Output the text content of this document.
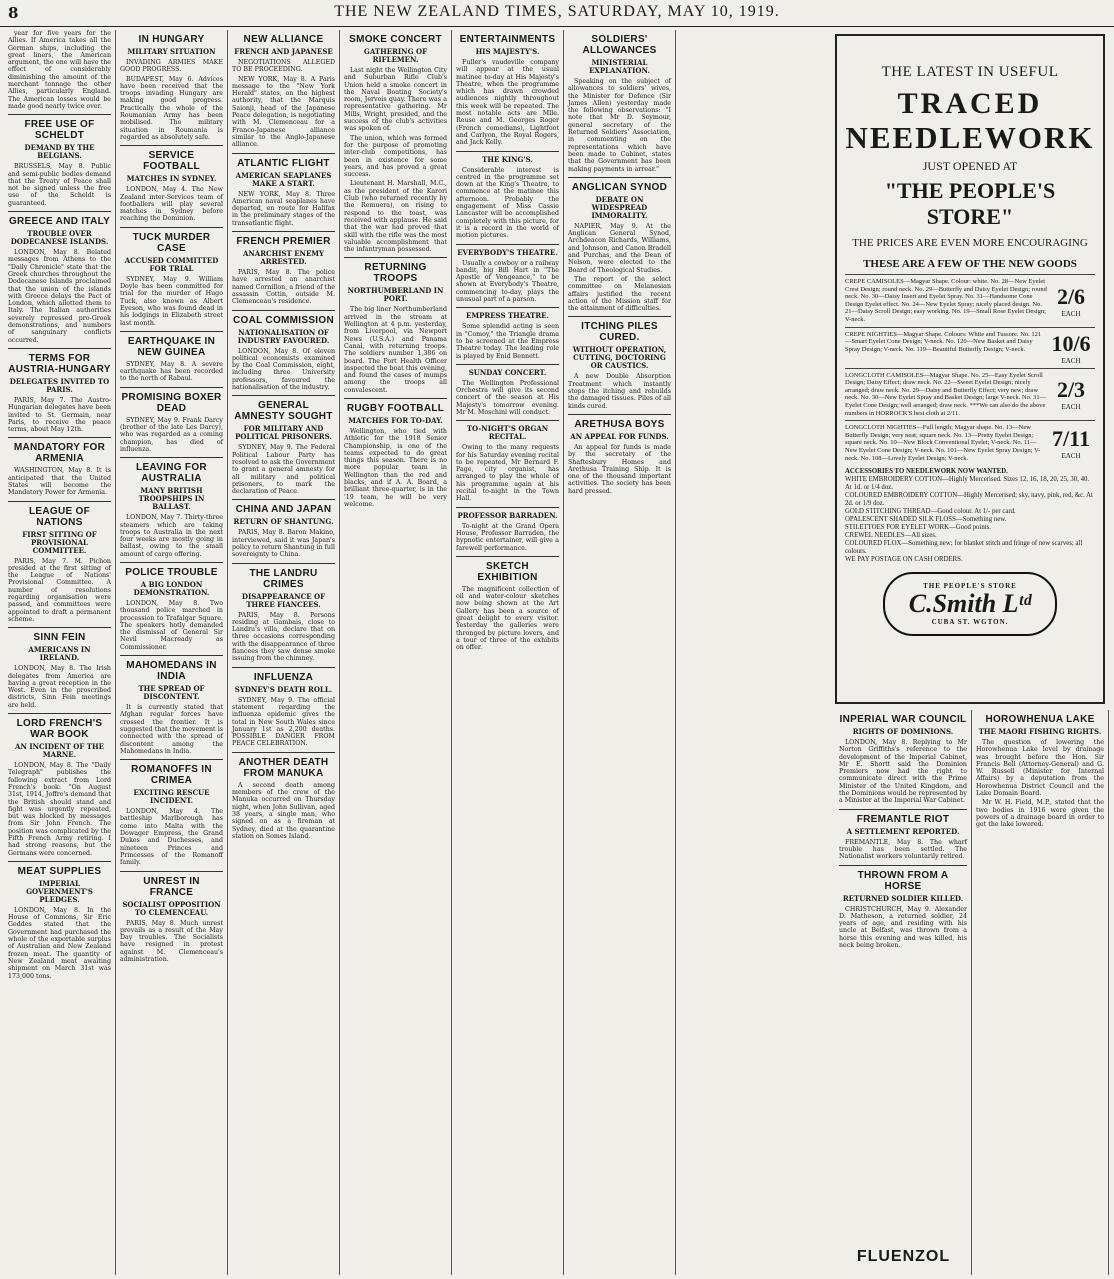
8	THE NEW ZEALAND TIMES, SATURDAY, MAY 10, 1919.

year for five years for the Allies. If America takes all the German ships, including the great liners, the American argument, the one will have the effect of considerably diminishing the amount of the merchant tonnage the other Allies, particularly England. The American losses would be made good nearly twice over.

FREE USE OF SCHELDT
DEMAND BY THE BELGIANS.

BRUSSELS, May 8. Public and semi-public bodies demand that the Treaty of Peace shall not be signed unless the free use of the Scheldt is guaranteed.

GREECE AND ITALY
TROUBLE OVER DODECANESE ISLANDS.

LONDON, May 8. Belated messages from Athens to the "Daily Chronicle" state that the Greek churches throughout the Dodecanese Islands proclaimed that the union of the islands with Greece delays the Pact of London, which allotted them to Italy. The Italian authorities severely repressed pro-Greek demonstrations, and numbers of sanguinary conflicts occurred.

TERMS FOR AUSTRIA-HUNGARY
DELEGATES INVITED TO PARIS.

PARIS, May 7. The Austro-Hungarian delegates have been invited to St. Germain, near Paris, to receive the peace terms, about May 12th.

MANDATORY FOR ARMENIA

WASHINGTON, May 8. It is anticipated that the United States will become the Mandatory Power for Armenia.

LEAGUE OF NATIONS
FIRST SITTING OF PROVISIONAL COMMITTEE.

PARIS, May 7. M. Pichon presided at the first sitting of the League of Nations' Provisional Committee. A number of resolutions regarding organisation were passed, and committees were appointed to draft a permanent scheme.

SINN FEIN
AMERICANS IN IRELAND.

LONDON, May 8. The Irish delegates from America are having a great reception in the West. Even in the proscribed districts, Sinn Fein meetings are held.

LORD FRENCH'S WAR BOOK
AN INCIDENT OF THE MARNE.

LONDON, May 8. The "Daily Telegraph" publishes the following extract from Lord French's book: "On August 31st, 1914, Joffre's demand that the British should stand and fight was urgently repeated, but was blocked by messages from Sir John French. The position was complicated by the Fifth French Army retiring. I had strong reasons, but the Germans were concerned.

MEAT SUPPLIES
IMPERIAL GOVERNMENT'S PLEDGES.

LONDON, May 8. In the House of Commons, Sir Eric Geddes stated that the Government had purchased the whole of the exportable surplus of Australian and New Zealand frozen meat. The quantity of New Zealand meat awaiting shipment on March 31st was 173,000 tons.

IN HUNGARY
MILITARY SITUATION

INVADING ARMIES MAKE GOOD PROGRESS.

BUDAPEST, May 6. Advices have been received that the troops invading Hungary are making good progress. Practically the whole of the Roumanian Army has been mobilised. The military situation in Roumania is regarded as absolutely safe.

SERVICE FOOTBALL
MATCHES IN SYDNEY.

LONDON, May 4. The New Zealand inter-Services team of footballers will play several matches in Sydney before reaching the Dominion.

TUCK MURDER CASE
ACCUSED COMMITTED FOR TRIAL

SYDNEY, May 9. William Doyle has been committed for trial for the murder of Hugo Tuck, also known as Albert Eyeson, who was found dead in his lodgings in Elizabeth street last month.

EARTHQUAKE IN NEW GUINEA

SYDNEY, May 8. A severe earthquake has been recorded to the north of Rabaul.

PROMISING BOXER DEAD

SYDNEY, May 9. Frank Darcy (brother of the late Les Darcy), who was regarded as a coming champion, has died of influenza.

LEAVING FOR AUSTRALIA
MANY BRITISH TROOPSHIPS IN BALLAST.

LONDON, May 7. Thirty-three steamers which are taking troops to Australia in the next four weeks are mostly going in ballast, owing to the small amount of cargo offering.

POLICE TROUBLE
A BIG LONDON DEMONSTRATION.

LONDON, May 8. Two thousand police marched in procession to Trafalgar Square. The speakers hotly demanded the dismissal of General Sir Nevil Macready as Commissioner.

MAHOMEDANS IN INDIA
THE SPREAD OF DISCONTENT.

It is currently stated that Afghan regular forces have crossed the frontier. It is suggested that the movement is connected with the spread of discontent among the Mahomedans in India.

ROMANOFFS IN CRIMEA
EXCITING RESCUE INCIDENT.

LONDON, May 4. The battleship Marlborough has come into Malta with the Dowager Empress, the Grand Dukes and Duchesses, and nineteen Princes and Princesses of the Romanoff family.

UNREST IN FRANCE
SOCIALIST OPPOSITION TO CLEMENCEAU.

PARIS, May 8. Much unrest prevails as a result of the May Day troubles. The Socialists have resigned in protest against M. Clemenceau's administration.

NEW ALLIANCE
FRENCH AND JAPANESE

NEGOTIATIONS ALLEGED TO BE PROCEEDING.

NEW YORK, May 8. A Paris message to the "New York Herald" states, on the highest authority, that the Marquis Saionji, head of the Japanese Peace delegation, is negotiating with M. Clemenceau for a Franco-Japanese alliance similar to the Anglo-Japanese alliance.

ATLANTIC FLIGHT
AMERICAN SEAPLANES MAKE A START.

NEW YORK, May 8. Three American naval seaplanes have departed, en route for Halifax in the preliminary stages of the transatlantic flight.

FRENCH PREMIER
ANARCHIST ENEMY ARRESTED.

PARIS, May 8. The police have arrested an anarchist named Cornillon, a friend of the assassin Cottin, outside M. Clemenceau's residence.

COAL COMMISSION
NATIONALISATION OF INDUSTRY FAVOURED.

LONDON, May 8. Of eleven political economists examined by the Coal Commission, eight, including three University professors, favoured the nationalisation of the industry.

GENERAL AMNESTY SOUGHT
FOR MILITARY AND POLITICAL PRISONERS.

SYDNEY, May 9. The Federal Political Labour Party has resolved to ask the Government to grant a general amnesty for all military and political prisoners, to mark the declaration of Peace.

CHINA AND JAPAN
RETURN OF SHANTUNG.

PARIS, May 8. Baron Makino, interviewed, said it was Japan's policy to return Shantung in full sovereignty to China.

THE LANDRU CRIMES
DISAPPEARANCE OF THREE FIANCEES.

PARIS, May 8. Persons residing at Gambais, close to Landru's villa, declare that on three occasions corresponding with the disappearance of three fiancees they saw dense smoke issuing from the chimney.

INFLUENZA
SYDNEY'S DEATH ROLL.

SYDNEY, May 9. The official statement regarding the influenza epidemic gives the total in New South Wales since January 1st as 2,200 deaths. POSSIBLE DANGER FROM PEACE CELEBRATION.

ANOTHER DEATH FROM MANUKA

A second death among members of the crew of the Manuka occurred on Thursday night, when John Sullivan, aged 38 years, a single man, who signed on as a fireman at Sydney, died at the quarantine station on Somes Island.

SMOKE CONCERT
GATHERING OF RIFLEMEN.

Last night the Wellington City and Suburban Rifle Club's Union held a smoke concert in the Naval Boating Society's room, Jervois quay. There was a representative gathering. Mr Mills, Wright, presided, and the success of the club's activities was spoken of.

The union, which was formed for the purpose of promoting inter-club competitions, has been in existence for some years, and has proved a great success.

Lieutenant H. Marshall, M.C., as the president of the Karori Club (who returned recently by the Remuera), on rising to respond to the toast, was received with applause. He said that the war had proved that skill with the rifle was the most valuable accomplishment that the infantryman possessed.

RETURNING TROOPS
NORTHUMBERLAND IN PORT.

The big liner Northumberland arrived in the stream at Wellington at 4 p.m. yesterday, from Liverpool, via Newport News (U.S.A.) and Panama Canal, with returning troops. The soldiers number 1,386 on board. The Port Health Officer inspected the boat this evening, and found the cases of mumps among the troops all convalescent.

RUGBY FOOTBALL
MATCHES FOR TO-DAY.

Wellington, who tied with Athletic for the 1918 Senior Championship, is one of the teams expected to do great things this season. There is no more popular team in Wellington than the red and blacks, and if A. A. Board, a brilliant three-quarter, is in the '19 team, he will be very welcome.

ENTERTAINMENTS
HIS MAJESTY'S.

Fuller's vaudeville company will appear at the usual matinee to-day at His Majesty's Theatre, when the programme which has drawn crowded audiences nightly throughout this week will be repeated. The most notable acts are Mlle. Reuse and M. Georges Roger (French comedians), Lightfoot and Carlyon, the Royal Rogers, and Jack Kelly.

THE KING'S.

Considerable interest is centred in the programme set down at the King's Theatre, to commence at the matinee this afternoon. Probably the engagement of Miss Cassie Lancaster will be accomplished completely with this picture, for it is a record in the world of motion pictures.

EVERYBODY'S THEATRE.

Usually a cowboy or a railway bandit, big Bill Hart in "The Apostle of Vengeance," to be shown at Everybody's Theatre, commencing to-day, plays the unusual part of a parson.

EMPRESS THEATRE.

Some splendid acting is seen in "Comoy," the Triangle drama to be screened at the Empress Theatre today. The leading role is played by Enid Bennett.

SUNDAY CONCERT.

The Wellington Professional Orchestra will give its second concert of the season at His Majesty's tomorrow evening. Mr M. Moschini will conduct.

TO-NIGHT'S ORGAN RECITAL.

Owing to the many requests for his Saturday evening recital to be repeated, Mr Bernard F. Page, city organist, has arranged to play the whole of his programme again at his recital to-night in the Town Hall.

PROFESSOR BARRADEN.

To-night at the Grand Opera House, Professor Barraden, the hypnotic entertainer, will give a farewell performance.

SKETCH EXHIBITION

The magnificent collection of oil and water-colour sketches now being shown at the Art Gallery has been a source of great delight to every visitor. Yesterday the galleries were thronged by picture lovers, and a tour of three of the exhibits on offer.

SOLDIERS' ALLOWANCES
MINISTERIAL EXPLANATION.

Speaking on the subject of allowances to soldiers' wives, the Minister for Defence (Sir James Allen) yesterday made the following observations: "I note that Mr D. Seymour, general secretary of the Returned Soldiers' Association, in commenting on the representations which have been made to Cabinet, states that the Government has been making payments in arrear."

ANGLICAN SYNOD
DEBATE ON WIDESPREAD IMMORALITY.

NAPIER, May 9. At the Anglican General Synod, Archdeacon Richards, Williams, and Johnson, and Canon Bradell and Purchas, and the Dean of Nelson, were elected to the Board of Theological Studies.

The report of the select committee on Melanesian affairs justified the recent action of the Mission staff for the attainment of difficulties.

ITCHING PILES CURED.
WITHOUT OPERATION, CUTTING, DOCTORING OR CAUSTICS.

A new Double Absorption Treatment which instantly stops the itching and rebuilds the damaged tissues. Piles of all kinds cured.

ARETHUSA BOYS
AN APPEAL FOR FUNDS.

An appeal for funds is made by the secretary of the Shaftesbury Homes and Arethusa Training Ship. It is one of the thousand important activities. The society has been hard pressed.

THE LATEST IN USEFUL
TRACED
NEEDLEWORK
JUST OPENED AT
"THE PEOPLE'S STORE"
THE PRICES ARE EVEN MORE ENCOURAGING
THESE ARE A FEW OF THE NEW GOODS
CREPE CAMISOLES—Magyar Shape. Colour: white. No. 28—New Eyelet Crest Design; round neck. No. 29—Butterfly and Daisy Eyelet Design; round neck. No. 30—Daisy Insert and Eyelet Spray. No. 31—Handsome Cone Design Eyelet effect. No. 24—New Eyelet Spray; nicely placed design. No. 21—Daisy Scroll Design; easy working. No. 19—Small Rose Eyelet Design; V-neck.
2/6
EACH
CREPE NIGHTIES—Magyar Shape. Colours: White and Tussore. No. 121—Smart Eyelet Cone Design; V-neck. No. 120—New Basket and Daisy Spray Design; V-neck. No. 119—Beautiful Butterfly Design; V-neck.	10/6
EACH
LONGCLOTH CAMISOLES—Magyar Shape. No. 25—Easy Eyelet Scroll Design; Daisy Effect; draw neck. No. 22—Sweet Eyelet Design; nicely arranged; draw neck. No. 29—Daisy and Butterfly Effect; very new; draw neck. No. 30—New Eyelet Spray and Basket Design; large V-neck. No. 31—Eyelet Cone Design; well arranged; draw neck. ***We can also do the above numbers in HORROCK'S best cloth at 2/11.
2/3
EACH
LONGCLOTH NIGHTIES—Full length; Magyar shape. No. 13—New Butterfly Design; very neat; square neck. No. 13—Pretty Eyelet Design; square neck. No. 10—New Block Conventional Eyelet; V-neck. No. 11—New Eyelet Cone Design; V-neck. No. 101—New Eyelet Spray Design; V-neck. No. 108—Lovely Eyelet Design; V-neck.
7/11
EACH
ACCESSORIES TO NEEDLEWORK NOW WANTED.
WHITE EMBROIDERY COTTON—Highly Mercerised. Sizes 12, 16, 18, 20, 25, 30, 40. At 1d. or 1/4 doz.
COLOURED EMBROIDERY COTTON—Highly Mercerised; sky, navy, pink, red, &c. At 2d. or 1/9 doz.
GOLD STITCHING THREAD—Good colour. At 1/- per card.
OPALESCENT SHADED SILK FLOSS—Something new.
STILETTOES FOR EYELET WORK—Good points.
CREWEL NEEDLES—All sizes.
COLOURED FLOX—Something new; for blanket stitch and fringe of new scarves; all colours.
WE PAY POSTAGE ON CASH ORDERS.
THE PEOPLE'S STORE
C.Smith Lᵗᵈ
CUBA ST. WGTON.
INPERIAL WAR COUNCIL
RIGHTS OF DOMINIONS.

LONDON, May 8. Replying to Mr Norton Griffiths's reference to the development of the Imperial Cabinet, Mr E. Shortt said the Dominion Premiers now had the right to communicate direct with the Prime Minister of the United Kingdom, and the Dominions would be represented by a Minister at the Imperial War Cabinet.

FREMANTLE RIOT
A SETTLEMENT REPORTED.

FREMANTLE, May 8. The wharf trouble has been settled. The Nationalist workers voluntarily retired.

THROWN FROM A HORSE
RETURNED SOLDIER KILLED.

CHRISTCHURCH, May 9. Alexander D. Matheson, a returned soldier, 24 years of age, and residing with his uncle at Belfast, was thrown from a horse this evening and was killed, his neck being broken.

HOROWHENUA LAKE
THE MAORI FISHING RIGHTS.

The question of lowering the Horowhenua Lake level by drainage was brought before the Hon. Sir Francis Bell (Attorney-General) and G. W. Russell (Minister for Internal Affairs) by a deputation from the Horowhenua District Council and the Lake Domain Board.

Mr W. H. Field, M.P., stated that the two bodies in 1916 were given the powers of a drainage board in order to get the lake lowered.

FLUENZOL
